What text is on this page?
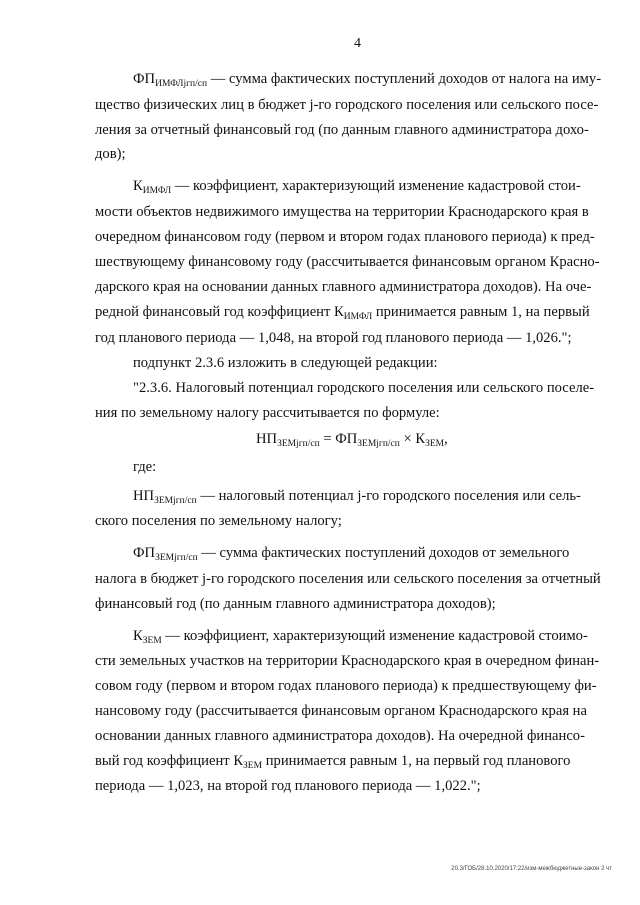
4
$ФП_{ИМФЛjгп/сп}$ — сумма фактических поступлений доходов от налога на иму-
щество физических лиц в бюджет j-го городского поселения или сельского посе-
ления за отчетный финансовый год (по данным главного администратора дохо-
дов);
$К_{ИМФЛ}$ — коэффициент, характеризующий изменение кадастровой стои-
мости объектов недвижимого имущества на территории Краснодарского края в
очередном финансовом году (первом и втором годах планового периода) к пред-
шествующему финансовому году (рассчитывается финансовым органом Красно-
дарского края на основании данных главного администратора доходов). На оче-
редной финансовый год коэффициент $К_{ИМФЛ}$ принимается равным 1, на первый
год планового периода — 1,048, на второй год планового периода — 1,026.";
подпункт 2.3.6 изложить в следующей редакции:
"2.3.6. Налоговый потенциал городского поселения или сельского поселе-
ния по земельному налогу рассчитывается по формуле:
$НП_{ЗЕМjгп/сп} = ФП_{ЗЕМjгп/сп} \times К_{ЗЕМ}$,
где:
$НП_{ЗЕМjгп/сп}$ — налоговый потенциал j-го городского поселения или сель-
ского поселения по земельному налогу;
$ФП_{ЗЕМjгп/сп}$ — сумма фактических поступлений доходов от земельного
налога в бюджет j-го городского поселения или сельского поселения за отчетный
финансовый год (по данным главного администратора доходов);
$К_{ЗЕМ}$ — коэффициент, характеризующий изменение кадастровой стоимо-
сти земельных участков на территории Краснодарского края в очередном финан-
совом году (первом и втором годах планового периода) к предшествующему фи-
нансовому году (рассчитывается финансовым органом Краснодарского края на
основании данных главного администратора доходов). На очередной финансо-
вый год коэффициент $К_{ЗЕМ}$ принимается равным 1, на первый год планового
периода — 1,023, на второй год планового периода — 1,022.";
20.3/ГОБ/28.10.2020/17:22/изм-межбюджетные-закон 2 чт
